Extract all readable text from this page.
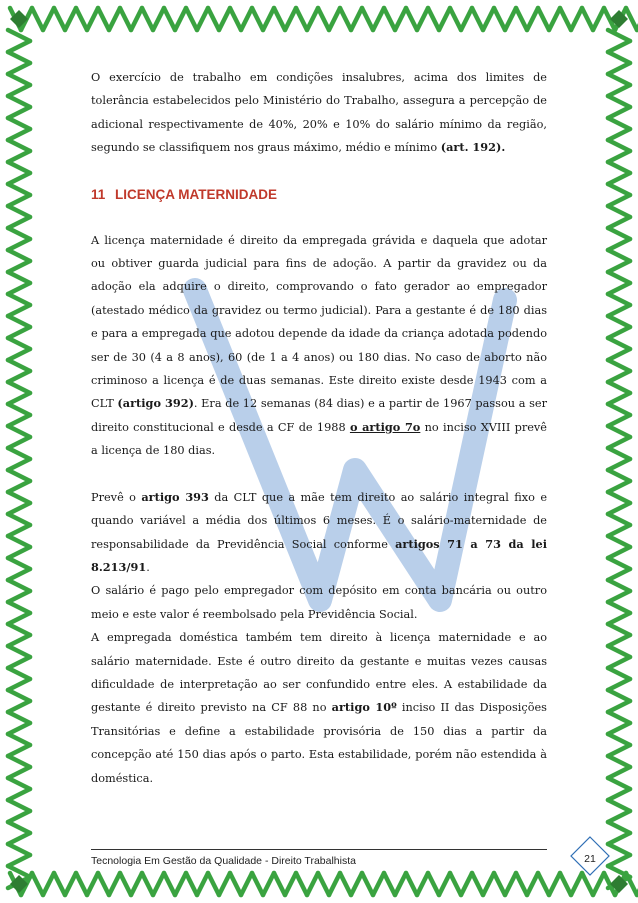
O exercício de trabalho em condições insalubres, acima dos limites de tolerância estabelecidos pelo Ministério do Trabalho, assegura a percepção de adicional respectivamente de 40%, 20% e 10% do salário mínimo da região, segundo se classifiquem nos graus máximo, médio e mínimo (art. 192).

11 LICENÇA MATERNIDADE

A licença maternidade é direito da empregada grávida e daquela que adotar ou obtiver guarda judicial para fins de adoção. A partir da gravidez ou da adoção ela adquire o direito, comprovando o fato gerador ao empregador (atestado médico da gravidez ou termo judicial). Para a gestante é de 180 dias e para a empregada que adotou depende da idade da criança adotada podendo ser de 30 (4 a 8 anos), 60 (de 1 a 4 anos) ou 180 dias. No caso de aborto não criminoso a licença é de duas semanas. Este direito existe desde 1943 com a CLT (artigo 392). Era de 12 semanas (84 dias) e a partir de 1967 passou a ser direito constitucional e desde a CF de 1988 o artigo 7o no inciso XVIII prevê a licença de 180 dias.

Prevê o artigo 393 da CLT que a mãe tem direito ao salário integral fixo e quando variável a média dos últimos 6 meses. É o salário-maternidade de responsabilidade da Previdência Social conforme artigos 71 a 73 da lei 8.213/91.

O salário é pago pelo empregador com depósito em conta bancária ou outro meio e este valor é reembolsado pela Previdência Social.

A empregada doméstica também tem direito à licença maternidade e ao salário maternidade. Este é outro direito da gestante e muitas vezes causas dificuldade de interpretação ao ser confundido entre eles. A estabilidade da gestante é direito previsto na CF 88 no artigo 10º inciso II das Disposições Transitórias e define a estabilidade provisória de 150 dias a partir da concepção até 150 dias após o parto. Esta estabilidade, porém não estendida à doméstica.

Tecnologia Em Gestão da Qualidade - Direito Trabalhista	21
